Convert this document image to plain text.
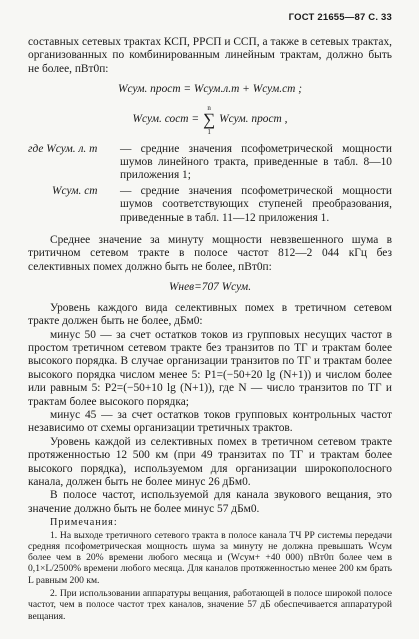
ГОСТ 21655—87 С. 33

составных сетевых трактах КСП, РРСП и ССП, а также в сетевых трактах, организованных по комбинированным линейным трактам, должно быть не более, пВт0п:

Wсум. прост = Wсум.л.т + Wсум.ст ;
Wсум. сост =
n
∑
1
Wсум. прост ,
где Wсум. л. т	— средние значения псофометрической мощности шумов линейного тракта, приведенные в табл. 8—10 приложения 1;
Wсум. ст	— средние значения псофометрической мощности шумов соответствующих ступеней преобразования, приведенные в табл. 11—12 приложения 1.

Среднее значение за минуту мощности невзвешенного шума в тритичном сетевом тракте в полосе частот 812—2 044 кГц без селективных помех должно быть не более, пВт0п:

Wнев=707 Wсум.

Уровень каждого вида селективных помех в третичном сетевом тракте должен быть не более, дБм0:

минус 50 — за счет остатков токов из групповых несущих частот в простом третичном сетевом тракте без транзитов по ТГ и трактам более высокого порядка. В случае организации транзитов по ТГ и трактам более высокого порядка числом менее 5: P1=(−50+20 lg (N+1)) и числом более или равным 5: P2=(−50+10 lg (N+1)), где N — число транзитов по ТГ и трактам более высокого порядка;

минус 45 — за счет остатков токов групповых контрольных частот независимо от схемы организации третичных трактов.

Уровень каждой из селективных помех в третичном сетевом тракте протяженностью 12 500 км (при 49 транзитах по ТГ и трактам более высокого порядка), используемом для организации широкополосного канала, должен быть не более минус 26 дБм0.

В полосе частот, используемой для канала звукового вещания, это значение должно быть не более минус 57 дБм0.

Примечания:

1. На выходе третичного сетевого тракта в полосе канала ТЧ РР системы передачи средняя псофометрическая мощность шума за минуту не должна превышать Wсум более чем в 20% времени любого месяца и (Wсум+ +40 000) пВт0п более чем в 0,1×L/2500% времени любого месяца. Для каналов протяженностью менее 200 км брать L равным 200 км.

2. При использовании аппаратуры вещания, работающей в полосе широкой полосе частот, чем в полосе частот трех каналов, значение 57 дБ обеспечивается аппаратурой вещания.
